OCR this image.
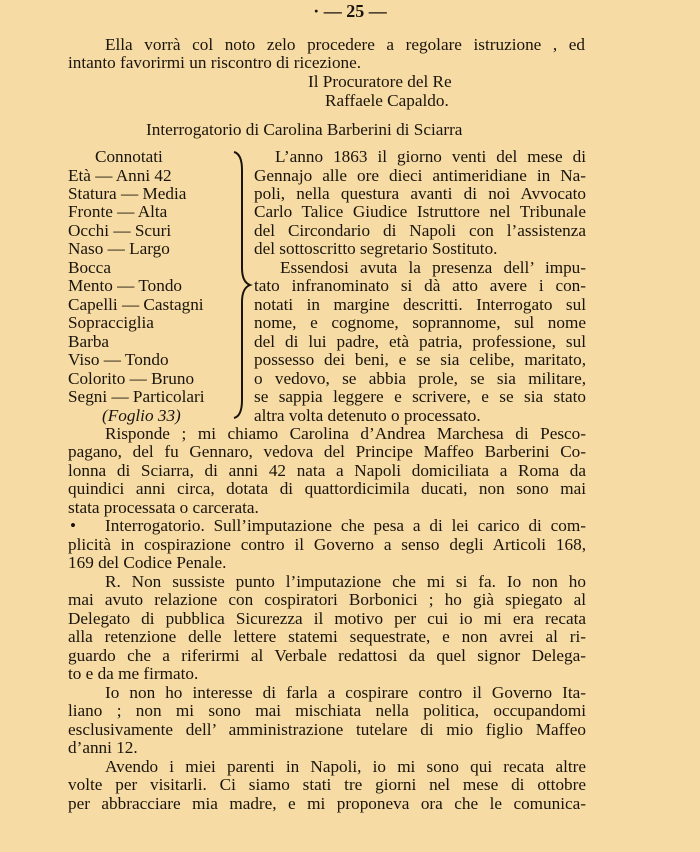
· — 25 —
Ella vorrà col noto zelo procedere a regolare istruzione , ed
intanto favorirmi un riscontro di ricezione.
Il Procuratore del Re
Raffaele Capaldo.
Interrogatorio di Carolina Barberini di Sciarra
Connotati
Età — Anni 42
Statura — Media
Fronte — Alta
Occhi — Scuri
Naso — Largo
Bocca
Mento — Tondo
Capelli — Castagni
Sopracciglia
Barba
Viso — Tondo
Colorito — Bruno
Segni — Particolari
(Foglio 33)
L’anno 1863 il giorno venti del mese di
Gennajo alle ore dieci antimeridiane in Na-
poli, nella questura avanti di noi Avvocato
Carlo Talice Giudice Istruttore nel Tribunale
del Circondario di Napoli con l’assistenza
del sottoscritto segretario Sostituto.
Essendosi avuta la presenza dell’ impu-
tato infranominato si dà atto avere i con-
notati in margine descritti. Interrogato sul
nome, e cognome, soprannome, sul nome
del di lui padre, età patria, professione, sul
possesso dei beni, e se sia celibe, maritato,
o vedovo, se abbia prole, se sia militare,
se sappia leggere e scrivere, e se sia stato
altra volta detenuto o processato.
Risponde ; mi chiamo Carolina d’Andrea Marchesa di Pesco-
pagano, del fu Gennaro, vedova del Principe Maffeo Barberini Co-
lonna di Sciarra, di anni 42 nata a Napoli domiciliata a Roma da
quindici anni circa, dotata di quattordicimila ducati, non sono mai
stata processata o carcerata.
• Interrogatorio. Sull’imputazione che pesa a di lei carico di com-
plicità in cospirazione contro il Governo a senso degli Articoli 168,
169 del Codice Penale.
R. Non sussiste punto l’imputazione che mi si fa. Io non ho
mai avuto relazione con cospiratori Borbonici ; ho già spiegato al
Delegato di pubblica Sicurezza il motivo per cui io mi era recata
alla retenzione delle lettere statemi sequestrate, e non avrei al ri-
guardo che a riferirmi al Verbale redattosi da quel signor Delega-
to e da me firmato.
Io non ho interesse di farla a cospirare contro il Governo Ita-
liano ; non mi sono mai mischiata nella politica, occupandomi
esclusivamente dell’ amministrazione tutelare di mio figlio Maffeo
d’anni 12.
Avendo i miei parenti in Napoli, io mi sono qui recata altre
volte per visitarli. Ci siamo stati tre giorni nel mese di ottobre
per abbracciare mia madre, e mi proponeva ora che le comunica-
